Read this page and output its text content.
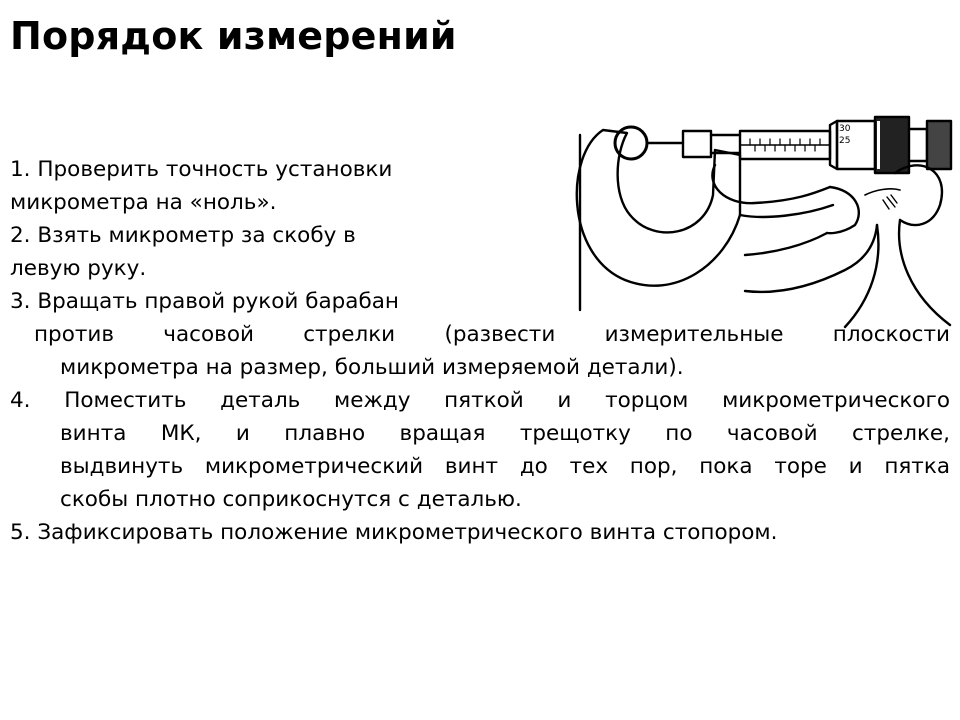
Порядок измерений
30
25
1. Проверить точность установки
микрометра на «ноль».
2. Взять микрометр за скобу в
левую руку.
3. Вращать правой рукой барабан
против часовой стрелки (развести измерительные плоскости
микрометра на размер, больший измеряемой детали).
4. Поместить деталь между пяткой и торцом микрометрического
винта МК, и плавно вращая трещотку по часовой стрелке,
выдвинуть микрометрический винт до тех пор, пока торе и пятка
скобы плотно соприкоснутся с деталью.
5. Зафиксировать положение микрометрического винта стопором.
